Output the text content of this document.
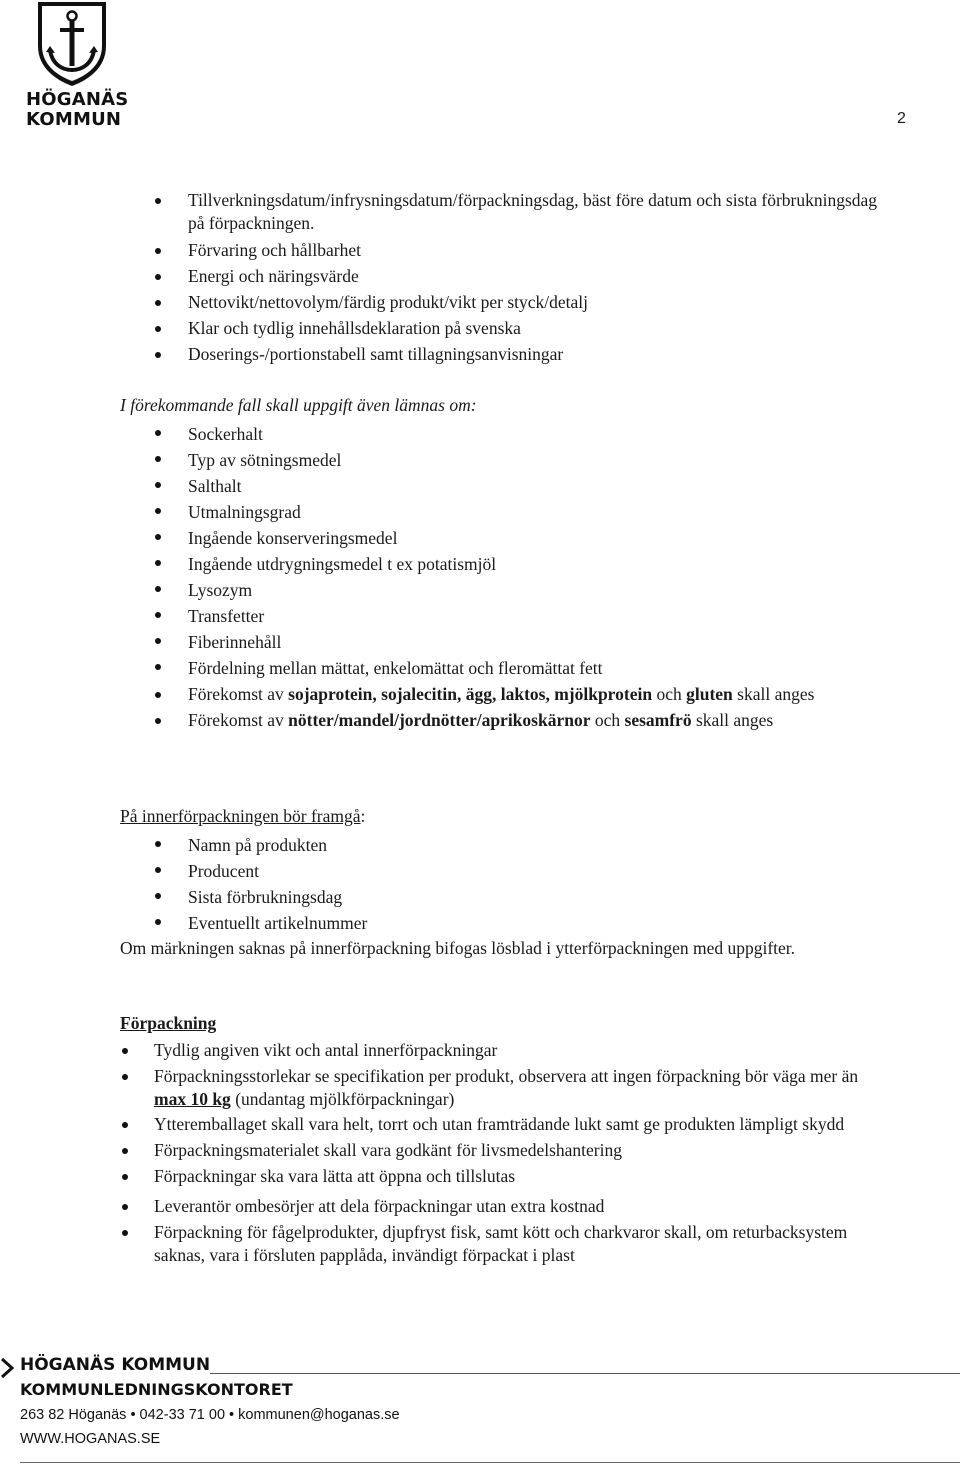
HÖGANÄS
KOMMUN	2
Tillverkningsdatum/infrysningsdatum/förpackningsdag, bäst före datum och sista förbrukningsdag på förpackningen.
Förvaring och hållbarhet
Energi och näringsvärde
Nettovikt/nettovolym/färdig produkt/vikt per styck/detalj
Klar och tydlig innehållsdeklaration på svenska
Doserings-/portionstabell samt tillagningsanvisningar
I förekommande fall skall uppgift även lämnas om:
Sockerhalt
Typ av sötningsmedel
Salthalt
Utmalningsgrad
Ingående konserveringsmedel
Ingående utdrygningsmedel t ex potatismjöl
Lysozym
Transfetter
Fiberinnehåll
Fördelning mellan mättat, enkelomättat och fleromättat fett
Förekomst av sojaprotein, sojalecitin, ägg, laktos, mjölkprotein och gluten skall anges
Förekomst av nötter/mandel/jordnötter/aprikoskärnor och sesamfrö skall anges
På innerförpackningen bör framgå:
Namn på produkten
Producent
Sista förbrukningsdag
Eventuellt artikelnummer
Om märkningen saknas på innerförpackning bifogas lösblad i ytterförpackningen med uppgifter.
Förpackning
Tydlig angiven vikt och antal innerförpackningar
Förpackningsstorlekar se specifikation per produkt, observera att ingen förpackning bör väga mer än max 10 kg (undantag mjölkförpackningar)
Ytteremballaget skall vara helt, torrt och utan framträdande lukt samt ge produkten lämpligt skydd
Förpackningsmaterialet skall vara godkänt för livsmedelshantering
Förpackningar ska vara lätta att öppna och tillslutas
Leverantör ombesörjer att dela förpackningar utan extra kostnad
Förpackning för fågelprodukter, djupfryst fisk, samt kött och charkvaror skall, om returbacksystem saknas, vara i försluten papplåda, invändigt förpackat i plast
HÖGANÄS KOMMUN
KOMMUNLEDNINGSKONTORET
263 82 Höganäs • 042-33 71 00 • kommunen@hoganas.se
WWW.HOGANAS.SE
